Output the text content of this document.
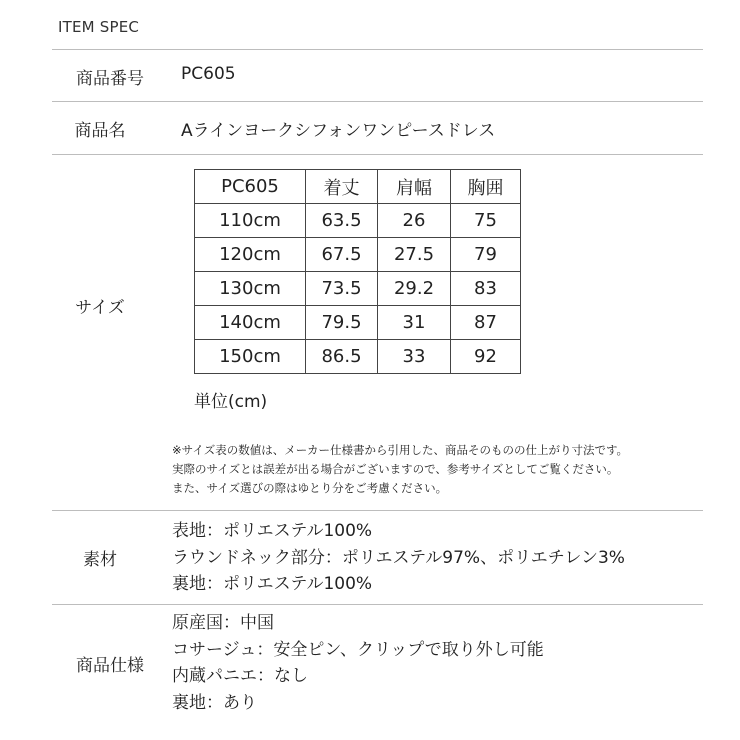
ITEM SPEC
商品番号	PC605
商品名	Aラインヨークシフォンワンピースドレス
サイズ
PC605	着丈	肩幅	胸囲
110cm	63.5	26	75
120cm	67.5	27.5	79
130cm	73.5	29.2	83
140cm	79.5	31	87
150cm	86.5	33	92
単位(cm)
※サイズ表の数値は、メーカー仕様書から引用した、商品そのものの仕上がり寸法です。
実際のサイズとは誤差が出る場合がございますので、参考サイズとしてご覧ください。
また、サイズ選びの際はゆとり分をご考慮ください。
素材
表地：ポリエステル100%
ラウンドネック部分：ポリエステル97%、ポリエチレン3%
裏地：ポリエステル100%
商品仕様
原産国：中国
コサージュ：安全ピン、クリップで取り外し可能
内蔵パニエ：なし
裏地：あり
